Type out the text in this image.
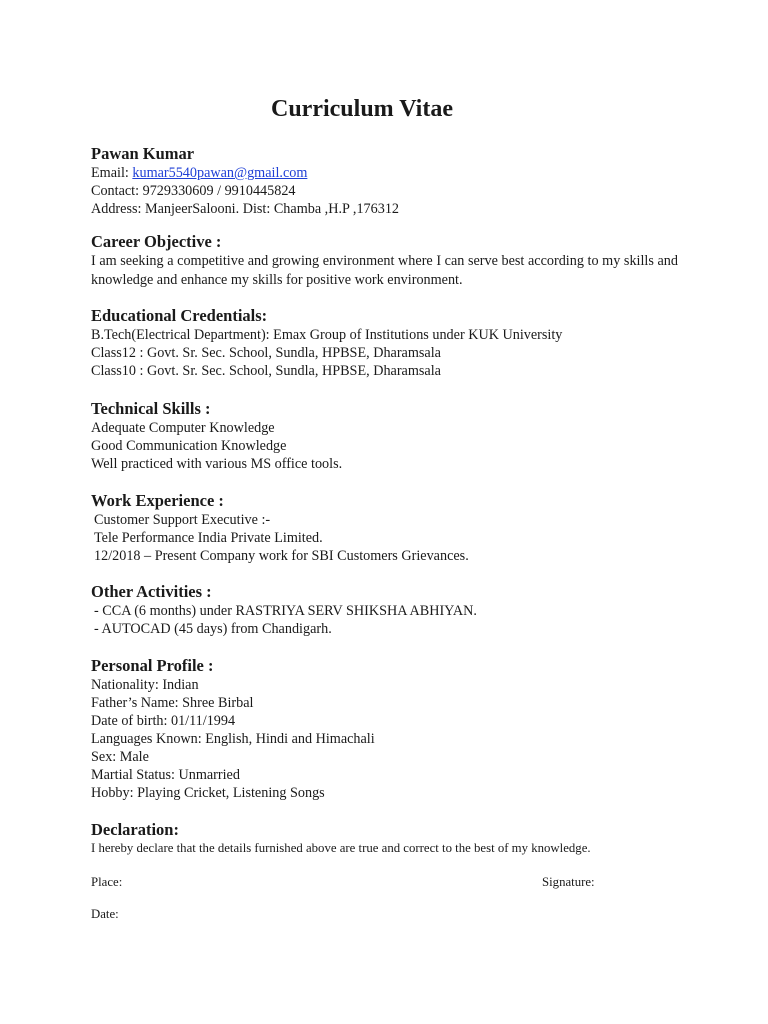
Curriculum Vitae

Pawan Kumar

Email: kumar5540pawan@gmail.com

Contact: 9729330609 / 9910445824

Address: ManjeerSalooni. Dist: Chamba ,H.P ,176312

Career Objective :

I am seeking a competitive and growing environment where I can serve best according to my skills and knowledge and enhance my skills for positive work environment.

Educational Credentials:

B.Tech(Electrical Department): Emax Group of Institutions under KUK University

Class12 : Govt. Sr. Sec. School, Sundla, HPBSE, Dharamsala

Class10 : Govt. Sr. Sec. School, Sundla, HPBSE, Dharamsala

Technical Skills :

Adequate Computer Knowledge

Good Communication Knowledge

Well practiced with various MS office tools.

Work Experience :

Customer Support Executive :-

Tele Performance India Private Limited.

12/2018 – Present Company work for SBI Customers Grievances.

Other Activities :

- CCA (6 months) under RASTRIYA SERV SHIKSHA ABHIYAN.

- AUTOCAD (45 days) from Chandigarh.

Personal Profile :

Nationality: Indian

Father’s Name: Shree Birbal

Date of birth: 01/11/1994

Languages Known: English, Hindi and Himachali

Sex: Male

Martial Status: Unmarried

Hobby: Playing Cricket, Listening Songs

Declaration:

I hereby declare that the details furnished above are true and correct to the best of my knowledge.
Place:	Signature:
Date:
